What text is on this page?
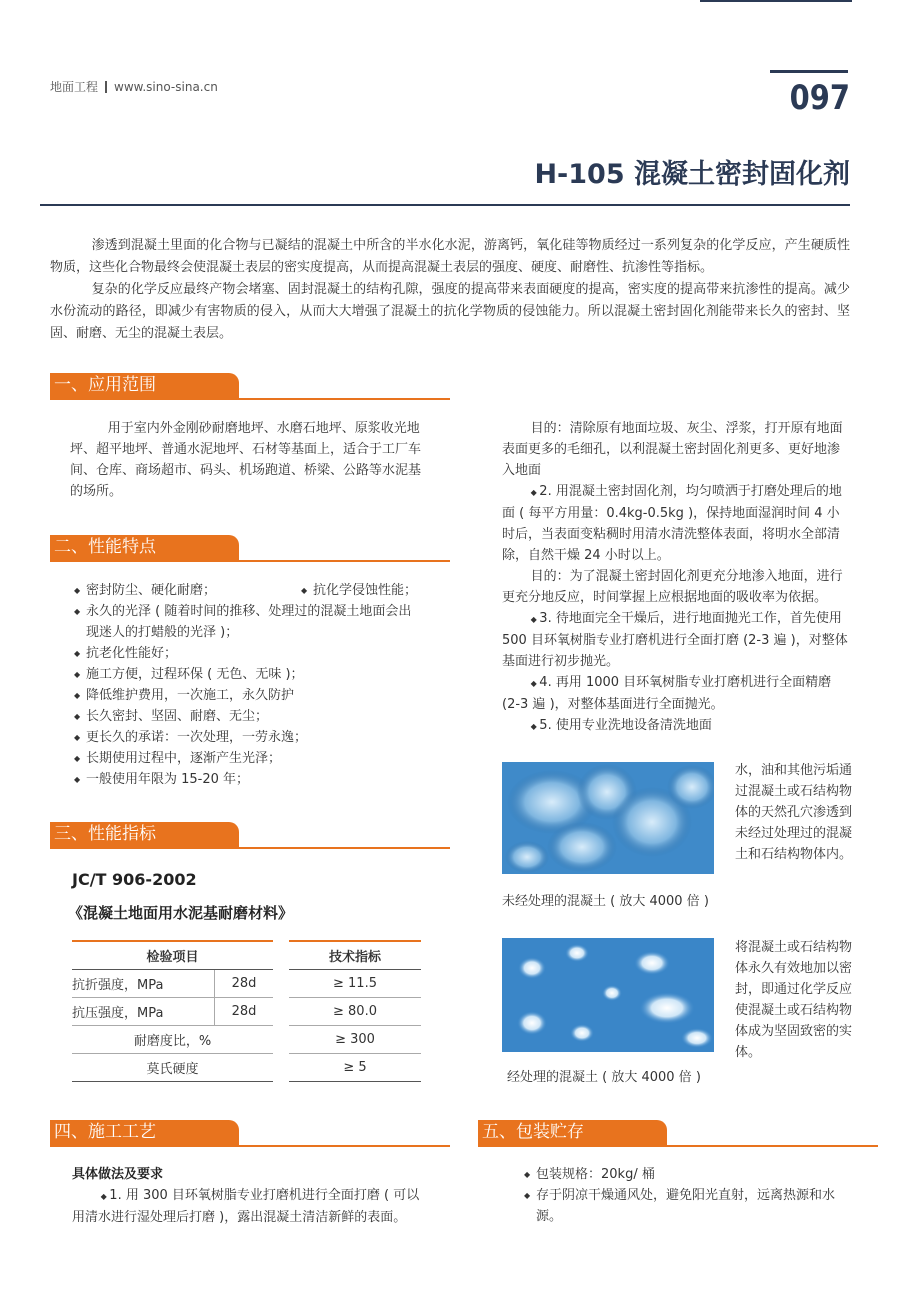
地面工程 www.sino-sina.cn	097
H-105 混凝土密封固化剂

渗透到混凝土里面的化合物与已凝结的混凝土中所含的半水化水泥，游离钙，氧化硅等物质经过一系列复杂的化学反应，产生硬质性物质，这些化合物最终会使混凝土表层的密实度提高，从而提高混凝土表层的强度、硬度、耐磨性、抗渗性等指标。

复杂的化学反应最终产物会堵塞、固封混凝土的结构孔隙，强度的提高带来表面硬度的提高，密实度的提高带来抗渗性的提高。减少水份流动的路径，即减少有害物质的侵入，从而大大增强了混凝土的抗化学物质的侵蚀能力。所以混凝土密封固化剂能带来长久的密封、坚固、耐磨、无尘的混凝土表层。

一、应用范围

用于室内外金刚砂耐磨地坪、水磨石地坪、原浆收光地坪、超平地坪、普通水泥地坪、石材等基面上，适合于工厂车间、仓库、商场超市、码头、机场跑道、桥梁、公路等水泥基的场所。

二、性能特点
◆ 密封防尘、硬化耐磨；	◆ 抗化学侵蚀性能；
◆ 永久的光泽 ( 随着时间的推移、处理过的混凝土地面会出现迷人的打蜡般的光泽 )；
◆ 抗老化性能好；
◆ 施工方便，过程环保 ( 无色、无味 )；
◆ 降低维护费用，一次施工，永久防护
◆ 长久密封、坚固、耐磨、无尘；
◆ 更长久的承诺：一次处理，一劳永逸；
◆ 长期使用过程中，逐渐产生光泽；
◆ 一般使用年限为 15-20 年；
三、性能指标
JC/T 906-2002
《混凝土地面用水泥基耐磨材料》
检验项目			技术指标
抗折强度，MPa	28d		≥ 11.5
抗压强度，MPa	28d		≥ 80.0
耐磨度比，%			≥ 300
莫氏硬度			≥ 5
四、施工工艺
具体做法及要求
◆ 1. 用 300 目环氧树脂专业打磨机进行全面打磨 ( 可以用清水进行湿处理后打磨 )，露出混凝土清洁新鲜的表面。

目的：清除原有地面垃圾、灰尘、浮浆，打开原有地面表面更多的毛细孔，以利混凝土密封固化剂更多、更好地渗入地面

◆ 2. 用混凝土密封固化剂，均匀喷洒于打磨处理后的地面 ( 每平方用量：0.4kg-0.5kg )，保持地面湿润时间 4 小时后，当表面变粘稠时用清水清洗整体表面，将明水全部清除，自然干燥 24 小时以上。

目的：为了混凝土密封固化剂更充分地渗入地面，进行更充分地反应，时间掌握上应根据地面的吸收率为依据。

◆ 3. 待地面完全干燥后，进行地面抛光工作，首先使用 500 目环氧树脂专业打磨机进行全面打磨 (2-3 遍 )，对整体基面进行初步抛光。

◆ 4. 再用 1000 目环氧树脂专业打磨机进行全面精磨 (2-3 遍 )，对整体基面进行全面抛光。

◆ 5. 使用专业洗地设备清洗地面

水，油和其他污垢通过混凝土或石结构物体的天然孔穴渗透到未经过处理过的混凝土和石结构物体内。
未经处理的混凝土 ( 放大 4000 倍 )
将混凝土或石结构物体永久有效地加以密封，即通过化学反应使混凝土或石结构物体成为坚固致密的实体。
经处理的混凝土 ( 放大 4000 倍 )
五、包装贮存
◆ 包装规格：20kg/ 桶
◆ 存于阴凉干燥通风处，避免阳光直射，远离热源和水源。
